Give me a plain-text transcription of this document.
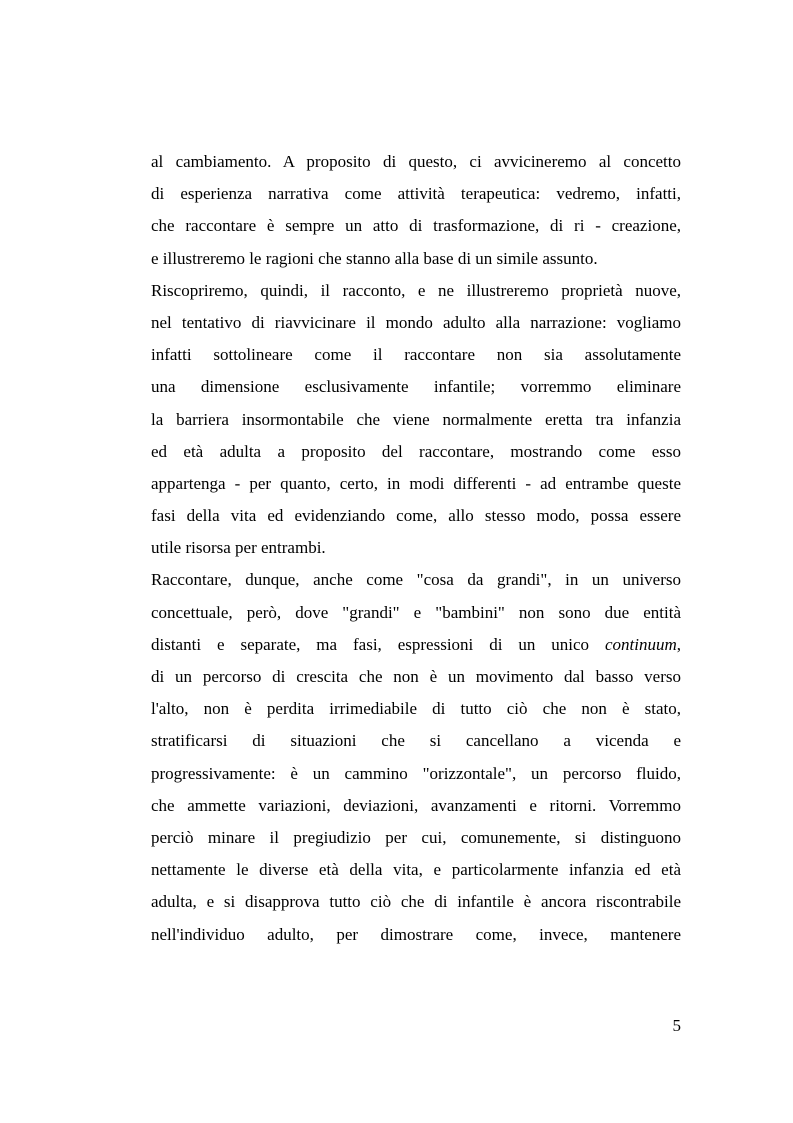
al cambiamento. A proposito di questo, ci avvicineremo al concetto
di esperienza narrativa come attività terapeutica: vedremo, infatti,
che raccontare è sempre un atto di trasformazione, di ri - creazione,
e illustreremo le ragioni che stanno alla base di un simile assunto.
Riscopriremo, quindi, il racconto, e ne illustreremo proprietà nuove,
nel tentativo di riavvicinare il mondo adulto alla narrazione: vogliamo
infatti sottolineare come il raccontare non sia assolutamente
una dimensione esclusivamente infantile; vorremmo eliminare
la barriera insormontabile che viene normalmente eretta tra infanzia
ed età adulta a proposito del raccontare, mostrando come esso
appartenga - per quanto, certo, in modi differenti - ad entrambe queste
fasi della vita ed evidenziando come, allo stesso modo, possa essere
utile risorsa per entrambi.
Raccontare, dunque, anche come "cosa da grandi", in un universo
concettuale, però, dove "grandi" e "bambini" non sono due entità
distanti e separate, ma fasi, espressioni di un unico continuum,
di un percorso di crescita che non è un movimento dal basso verso
l'alto, non è perdita irrimediabile di tutto ciò che non è stato,
stratificarsi di situazioni che si cancellano a vicenda e
progressivamente: è un cammino "orizzontale", un percorso fluido,
che ammette variazioni, deviazioni, avanzamenti e ritorni. Vorremmo
perciò minare il pregiudizio per cui, comunemente, si distinguono
nettamente le diverse età della vita, e particolarmente infanzia ed età
adulta, e si disapprova tutto ciò che di infantile è ancora riscontrabile
nell'individuo adulto, per dimostrare come, invece, mantenere
5
